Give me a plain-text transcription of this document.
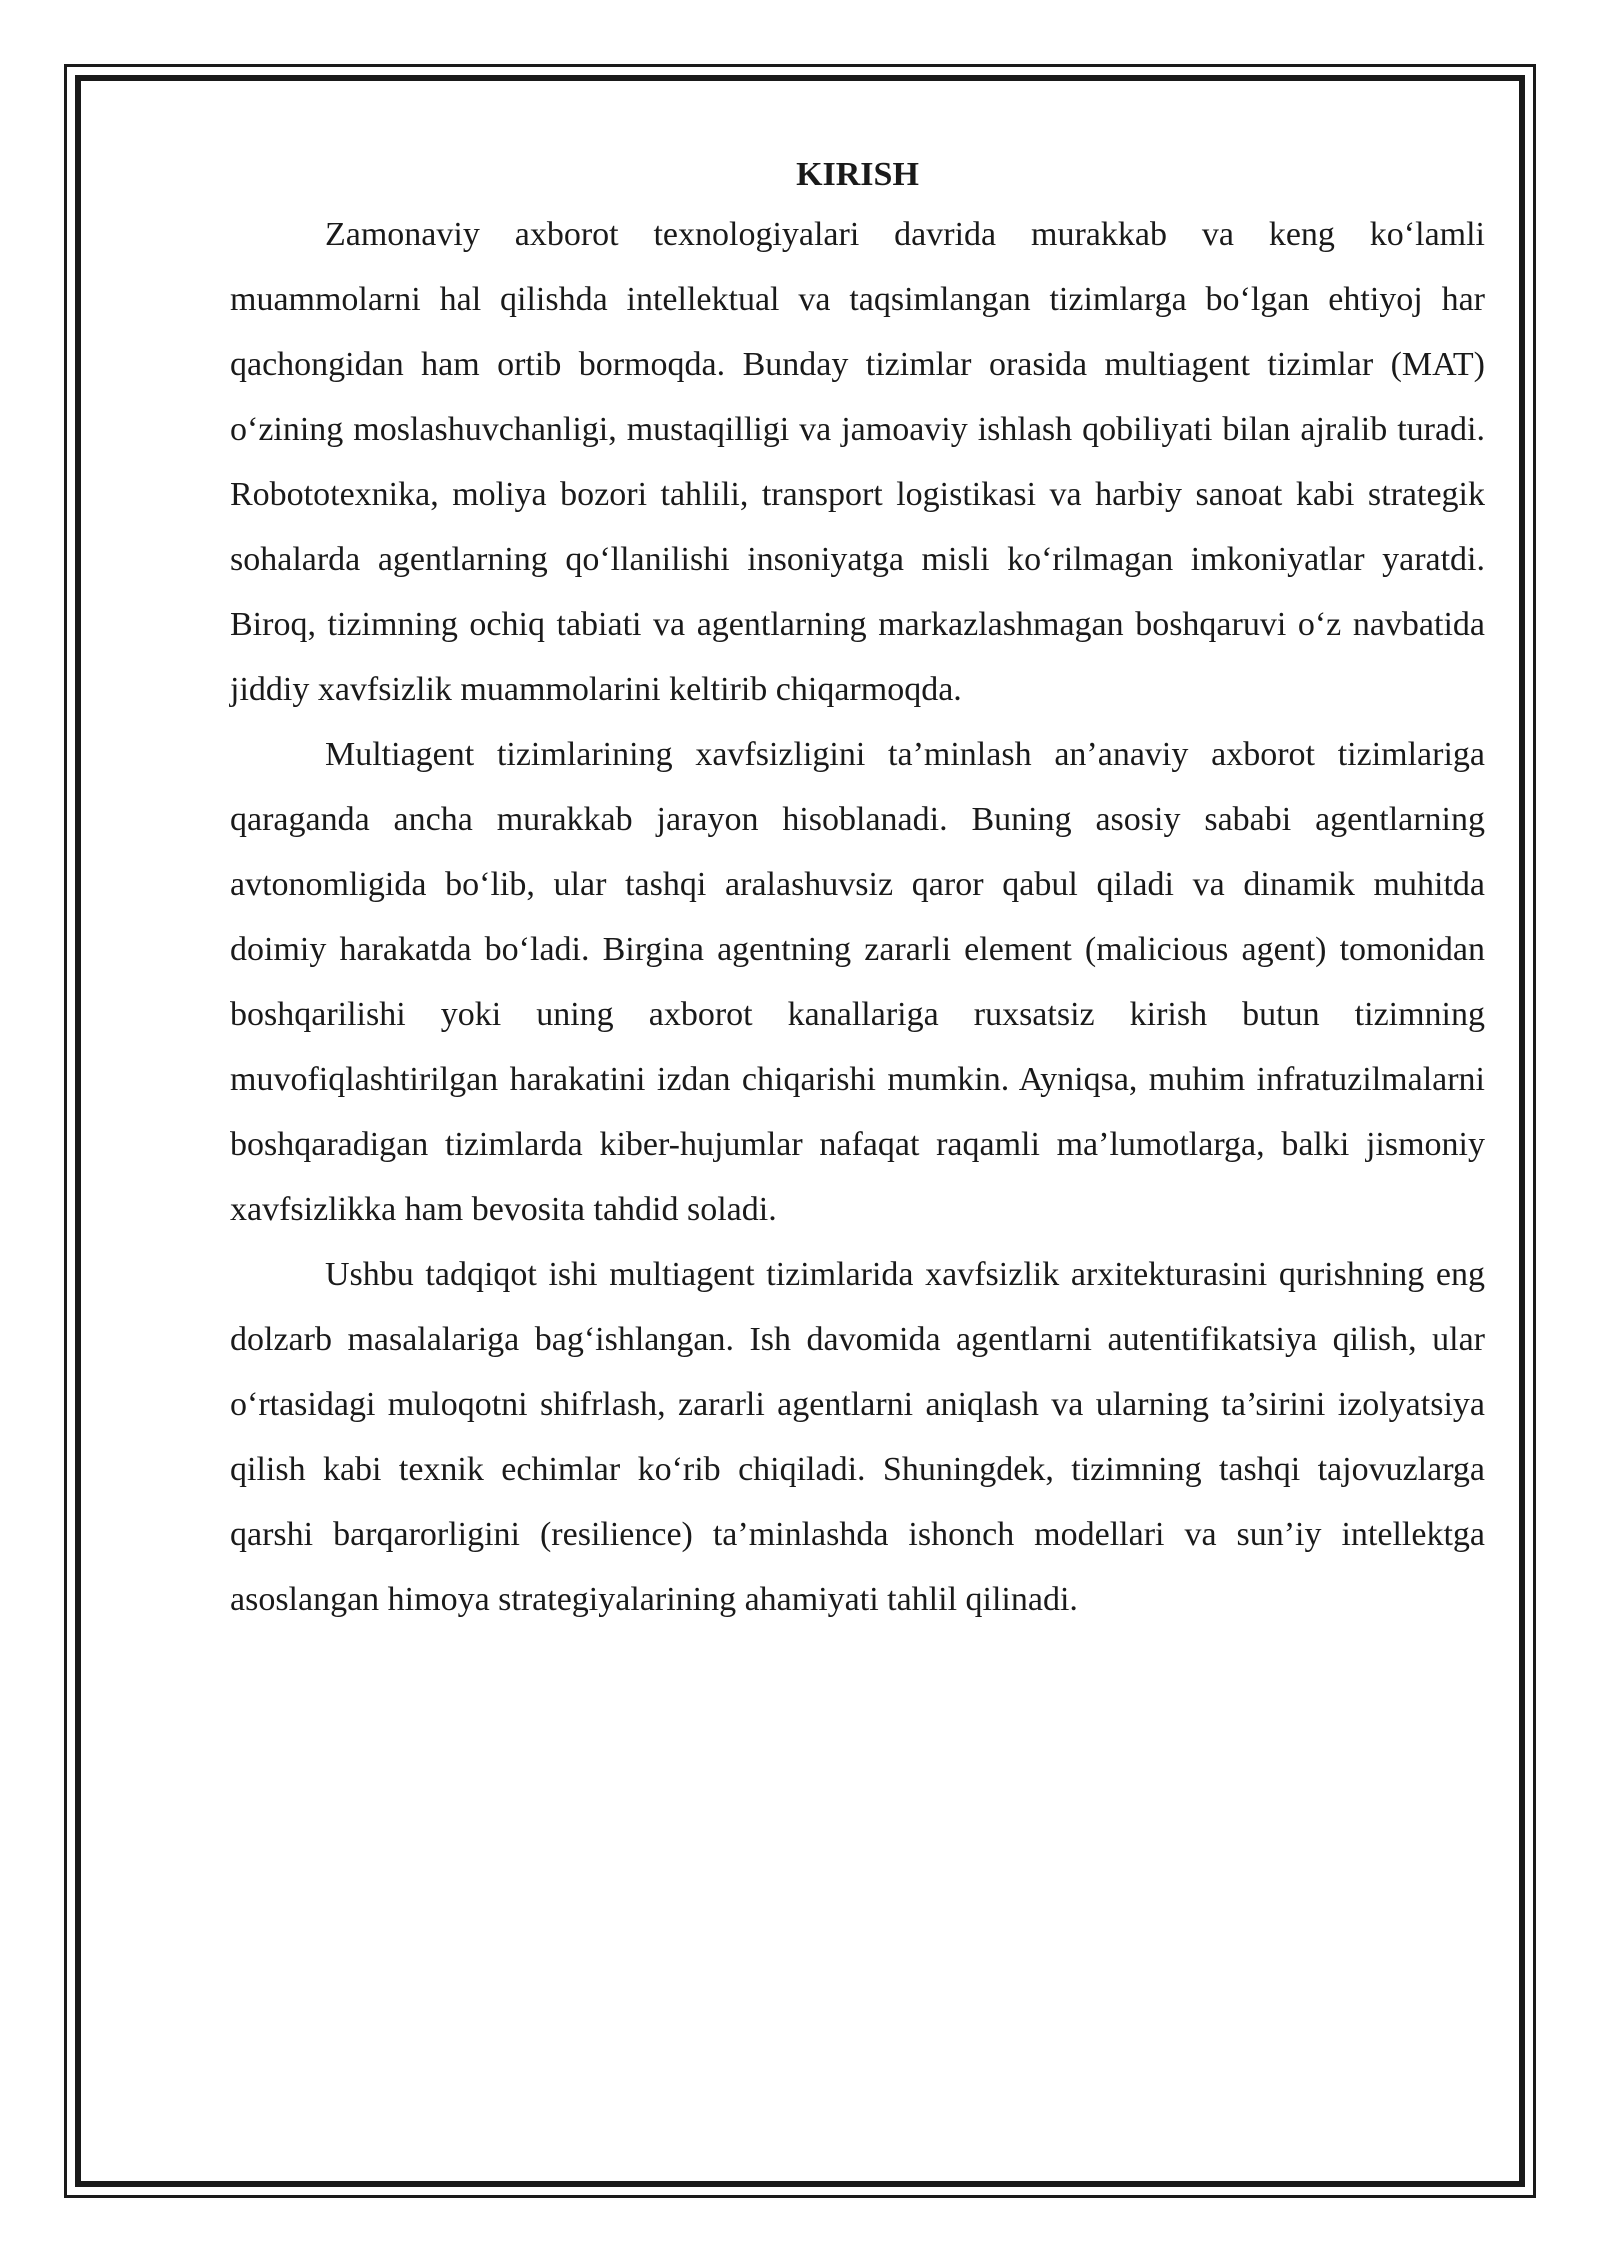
KIRISH

Zamonaviy axborot texnologiyalari davrida murakkab va keng ko‘lamli muammolarni hal qilishda intellektual va taqsimlangan tizimlarga bo‘lgan ehtiyoj har qachongidan ham ortib bormoqda. Bunday tizimlar orasida multiagent tizimlar (MAT) o‘zining moslashuvchanligi, mustaqilligi va jamoaviy ishlash qobiliyati bilan ajralib turadi. Robototexnika, moliya bozori tahlili, transport logistikasi va harbiy sanoat kabi strategik sohalarda agentlarning qo‘llanilishi insoniyatga misli ko‘rilmagan imkoniyatlar yaratdi. Biroq, tizimning ochiq tabiati va agentlarning markazlashmagan boshqaruvi o‘z navbatida jiddiy xavfsizlik muammolarini keltirib chiqarmoqda.

Multiagent tizimlarining xavfsizligini ta’minlash an’anaviy axborot tizimlariga qaraganda ancha murakkab jarayon hisoblanadi. Buning asosiy sababi agentlarning avtonomligida bo‘lib, ular tashqi aralashuvsiz qaror qabul qiladi va dinamik muhitda doimiy harakatda bo‘ladi. Birgina agentning zararli element (malicious agent) tomonidan boshqarilishi yoki uning axborot kanallariga ruxsatsiz kirish butun tizimning muvofiqlashtirilgan harakatini izdan chiqarishi mumkin. Ayniqsa, muhim infratuzilmalarni boshqaradigan tizimlarda kiber-hujumlar nafaqat raqamli ma’lumotlarga, balki jismoniy xavfsizlikka ham bevosita tahdid soladi.

Ushbu tadqiqot ishi multiagent tizimlarida xavfsizlik arxitekturasini qurishning eng dolzarb masalalariga bag‘ishlangan. Ish davomida agentlarni autentifikatsiya qilish, ular o‘rtasidagi muloqotni shifrlash, zararli agentlarni aniqlash va ularning ta’sirini izolyatsiya qilish kabi texnik echimlar ko‘rib chiqiladi. Shuningdek, tizimning tashqi tajovuzlarga qarshi barqarorligini (resilience) ta’minlashda ishonch modellari va sun’iy intellektga asoslangan himoya strategiyalarining ahamiyati tahlil qilinadi.
